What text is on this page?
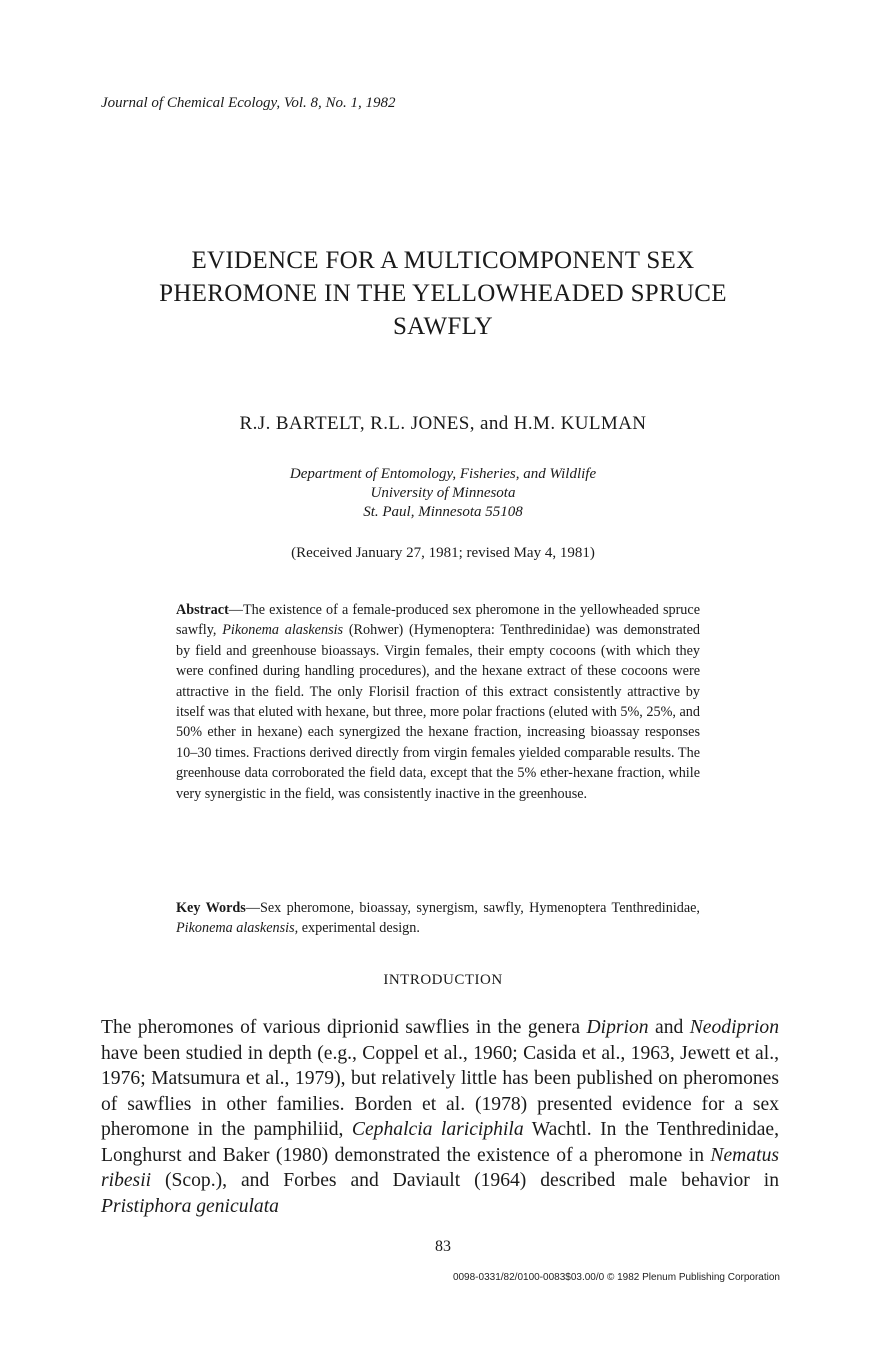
Journal of Chemical Ecology, Vol. 8, No. 1, 1982
EVIDENCE FOR A MULTICOMPONENT SEX
PHEROMONE IN THE YELLOWHEADED SPRUCE
SAWFLY
R.J. BARTELT, R.L. JONES, and H.M. KULMAN
Department of Entomology, Fisheries, and Wildlife
University of Minnesota
St. Paul, Minnesota 55108
(Received January 27, 1981; revised May 4, 1981)
Abstract—The existence of a female-produced sex pheromone in the yellowheaded spruce sawfly, Pikonema alaskensis (Rohwer) (Hymenoptera: Tenthredinidae) was demonstrated by field and greenhouse bioassays. Virgin females, their empty cocoons (with which they were confined during handling procedures), and the hexane extract of these cocoons were attractive in the field. The only Florisil fraction of this extract consistently attractive by itself was that eluted with hexane, but three, more polar fractions (eluted with 5%, 25%, and 50% ether in hexane) each synergized the hexane fraction, increasing bioassay responses 10–30 times. Fractions derived directly from virgin females yielded comparable results. The greenhouse data corroborated the field data, except that the 5% ether-hexane fraction, while very synergistic in the field, was consistently inactive in the greenhouse.
Key Words—Sex pheromone, bioassay, synergism, sawfly, Hymenoptera Tenthredinidae, Pikonema alaskensis, experimental design.
INTRODUCTION
The pheromones of various diprionid sawflies in the genera Diprion and Neodiprion have been studied in depth (e.g., Coppel et al., 1960; Casida et al., 1963, Jewett et al., 1976; Matsumura et al., 1979), but relatively little has been published on pheromones of sawflies in other families. Borden et al. (1978) presented evidence for a sex pheromone in the pamphiliid, Cephalcia lariciphila Wachtl. In the Tenthredinidae, Longhurst and Baker (1980) demonstrated the existence of a pheromone in Nematus ribesii (Scop.), and Forbes and Daviault (1964) described male behavior in Pristiphora geniculata
83
0098-0331/82/0100-0083$03.00/0 © 1982 Plenum Publishing Corporation
